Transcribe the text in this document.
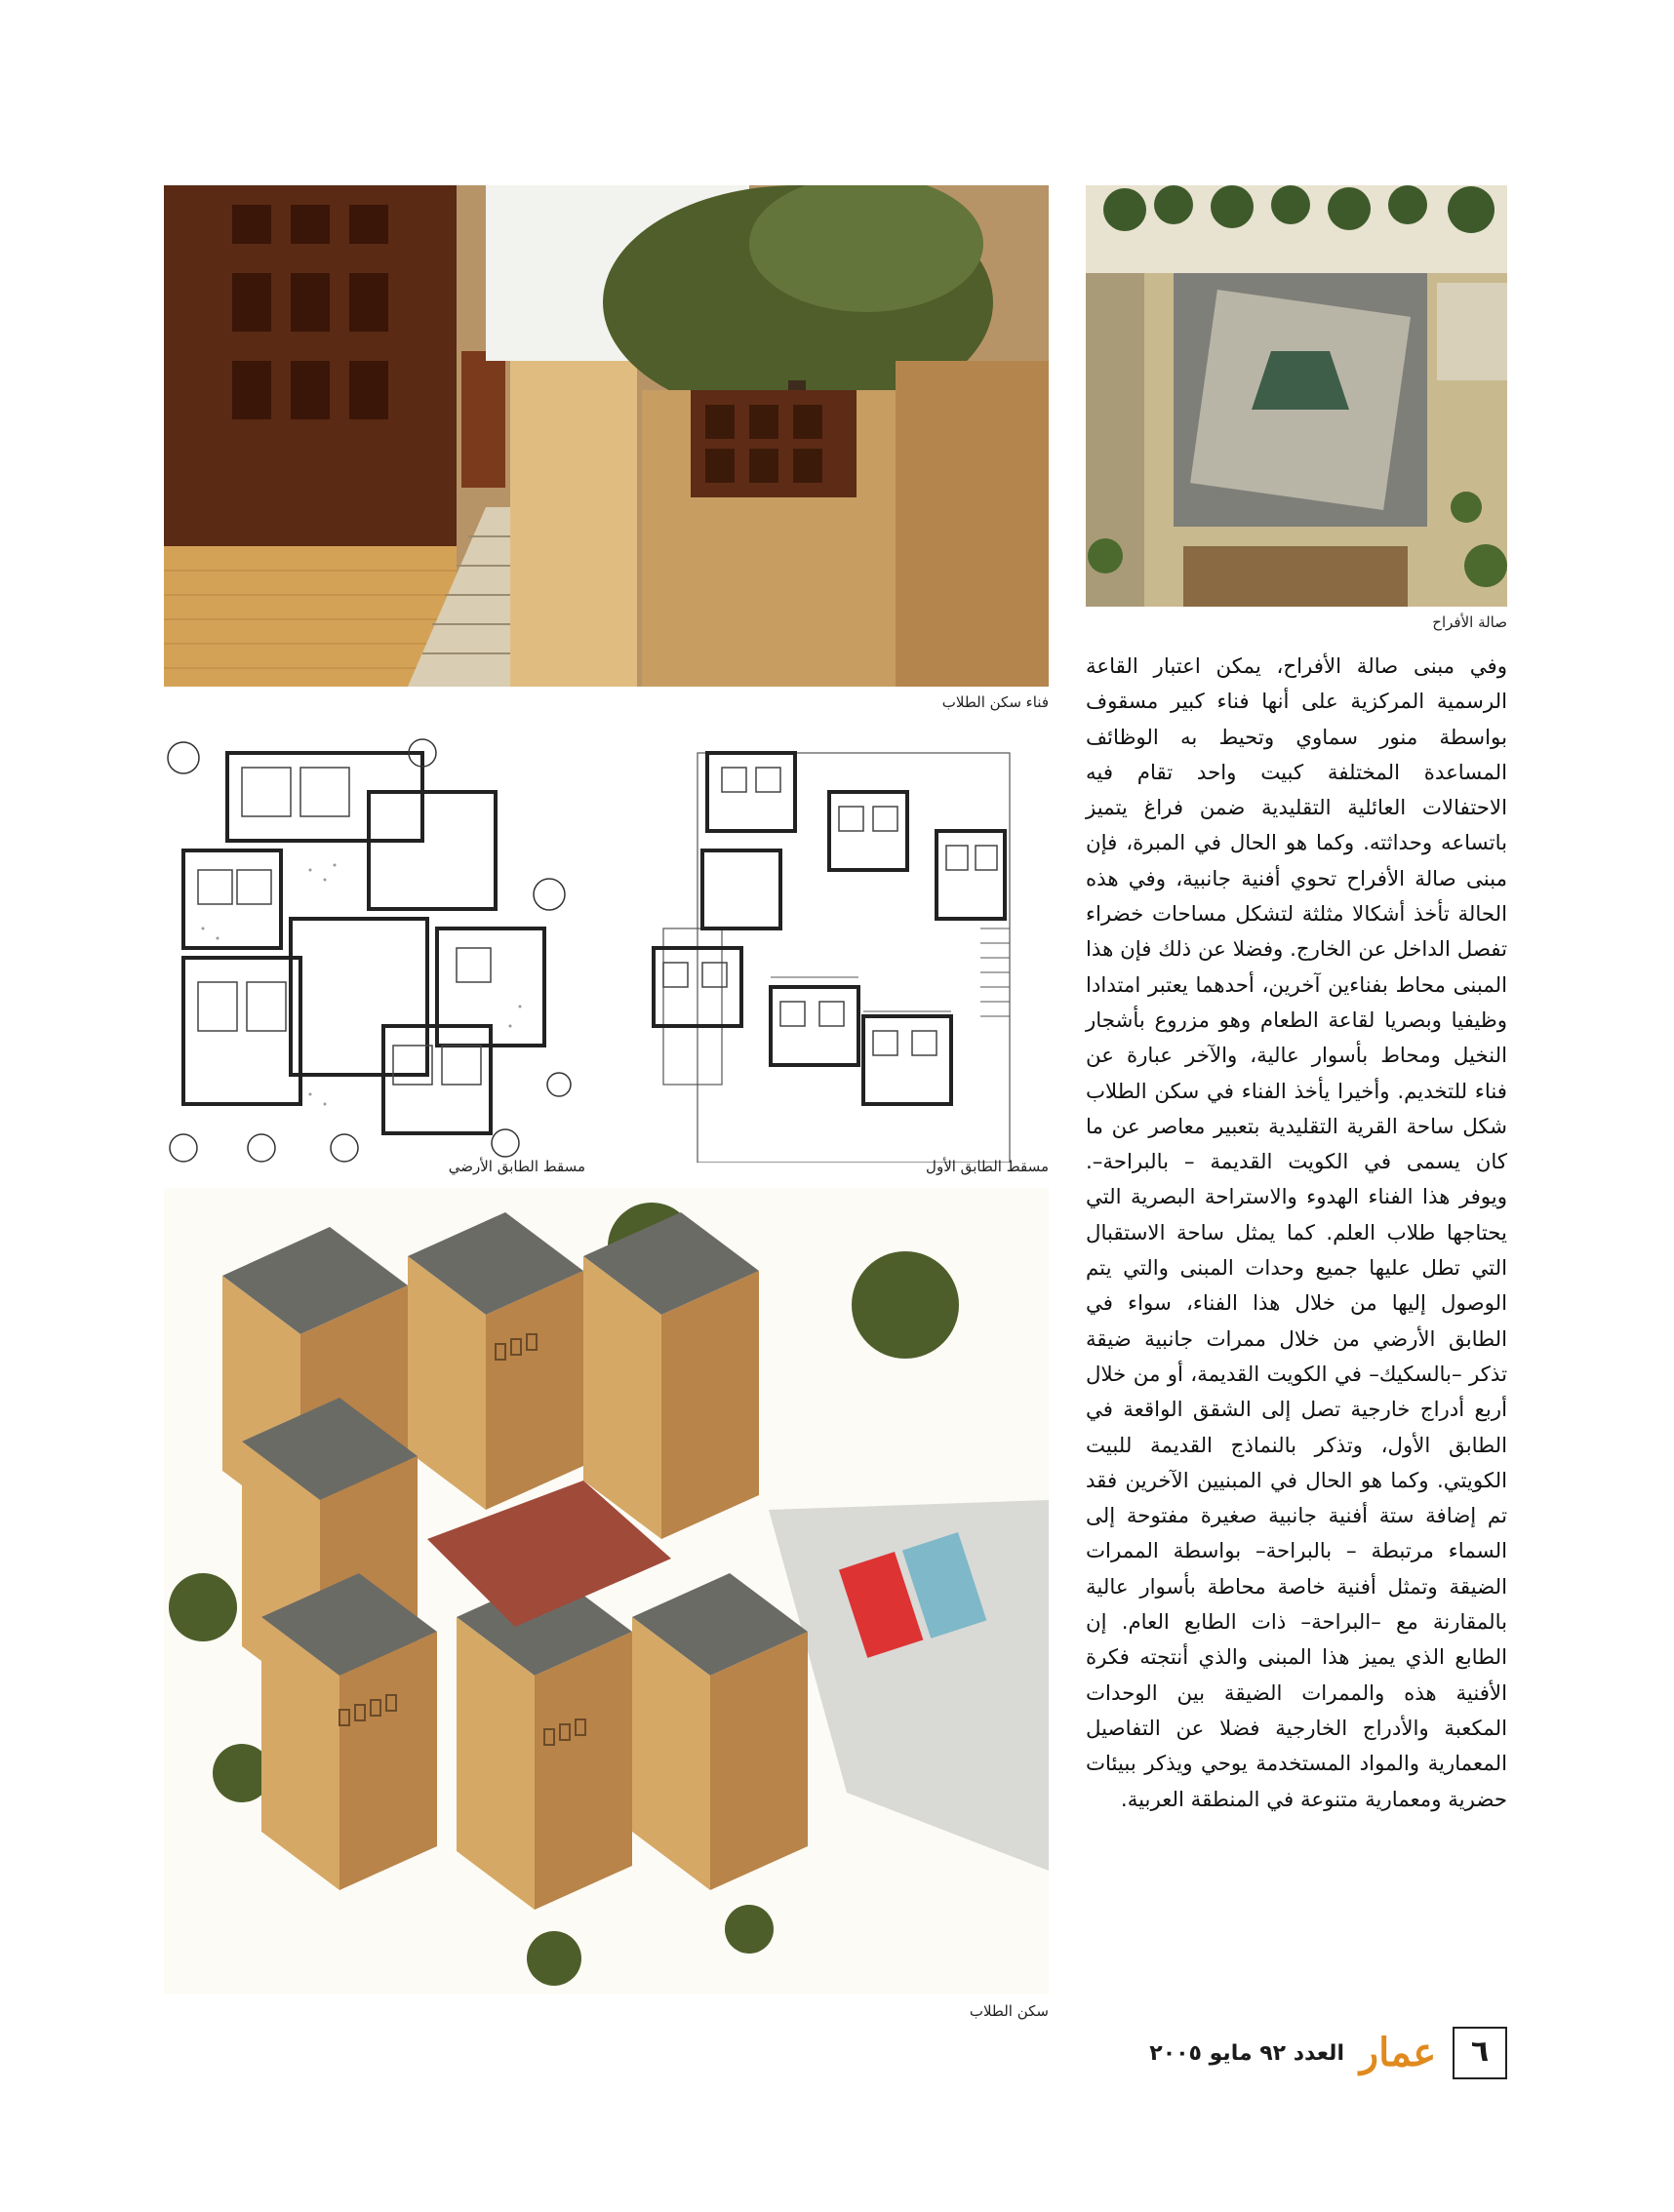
صالة الأفراح
فناء سكن الطلاب
مسقط الطابق الأرضي	مسقط الطابق الأول
سكن الطلاب
وفي مبنى صالة الأفراح، يمكن اعتبار القاعة الرسمية المركزية على أنها فناء كبير مسقوف بواسطة منور سماوي وتحيط به الوظائف المساعدة المختلفة كبيت واحد تقام فيه الاحتفالات العائلية التقليدية ضمن فراغ يتميز باتساعه وحداثته. وكما هو الحال في المبرة، فإن مبنى صالة الأفراح تحوي أفنية جانبية، وفي هذه الحالة تأخذ أشكالا مثلثة لتشكل مساحات خضراء تفصل الداخل عن الخارج. وفضلا عن ذلك فإن هذا المبنى محاط بفناءين آخرين، أحدهما يعتبر امتدادا وظيفيا وبصريا لقاعة الطعام وهو مزروع بأشجار النخيل ومحاط بأسوار عالية، والآخر عبارة عن فناء للتخديم. وأخيرا يأخذ الفناء في سكن الطلاب شكل ساحة القرية التقليدية بتعبير معاصر عن ما كان يسمى في الكويت القديمة – بالبراحة–. ويوفر هذا الفناء الهدوء والاستراحة البصرية التي يحتاجها طلاب العلم. كما يمثل ساحة الاستقبال التي تطل عليها جميع وحدات المبنى والتي يتم الوصول إليها من خلال هذا الفناء، سواء في الطابق الأرضي من خلال ممرات جانبية ضيقة تذكر –بالسكيك– في الكويت القديمة، أو من خلال أربع أدراج خارجية تصل إلى الشقق الواقعة في الطابق الأول، وتذكر بالنماذج القديمة للبيت الكويتي. وكما هو الحال في المبنيين الآخرين فقد تم إضافة ستة أفنية جانبية صغيرة مفتوحة إلى السماء مرتبطة – بالبراحة– بواسطة الممرات الضيقة وتمثل أفنية خاصة محاطة بأسوار عالية بالمقارنة مع –البراحة– ذات الطابع العام. إن الطابع الذي يميز هذا المبنى والذي أنتجته فكرة الأفنية هذه والممرات الضيقة بين الوحدات المكعبة والأدراج الخارجية فضلا عن التفاصيل المعمارية والمواد المستخدمة يوحي ويذكر ببيئات حضرية ومعمارية متنوعة في المنطقة العربية.
٦
عمار
العدد ٩٢ مايو ٢٠٠٥
